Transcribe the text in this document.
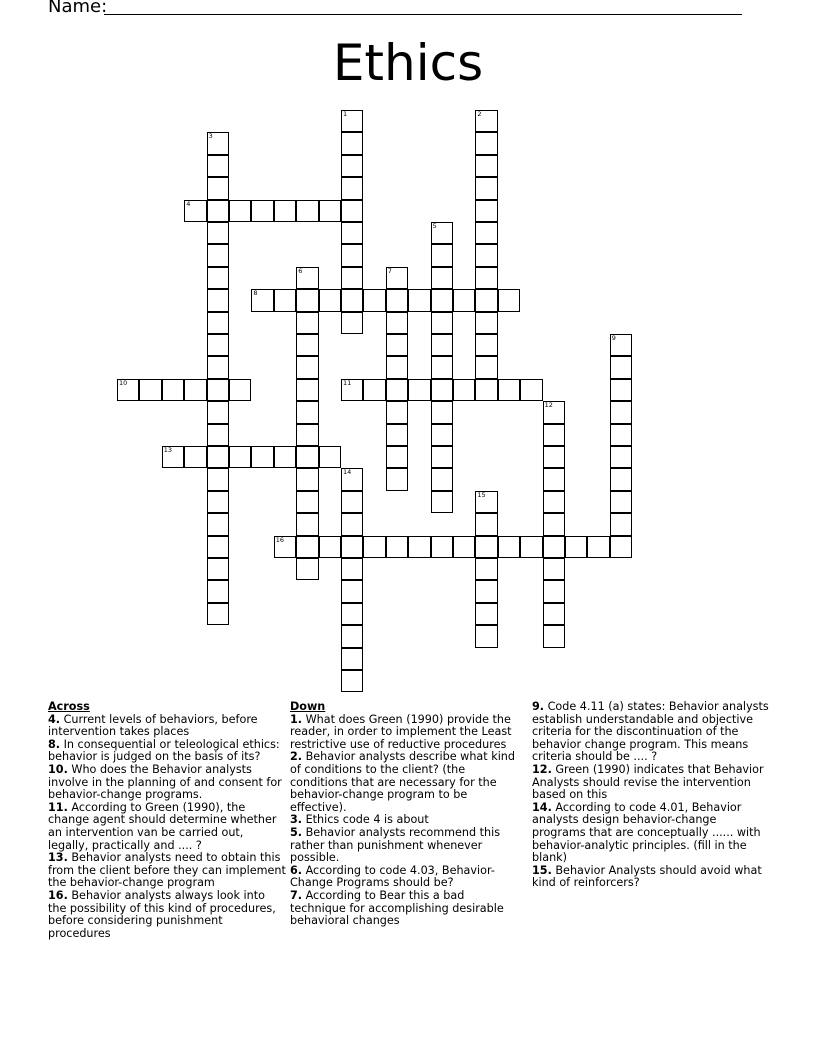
Name:
Ethics
1	2
3
4
5
6	7
8
9
10	11
12
13
14
15
16
Across
4. Current levels of behaviors, before intervention takes places
8. In consequential or teleological ethics: behavior is judged on the basis of its?
10. Who does the Behavior analysts involve in the planning of and consent for behavior-change programs.
11. According to Green (1990), the change agent should determine whether an intervention van be carried out, legally, practically and .... ?
13. Behavior analysts need to obtain this from the client before they can implement the behavior-change program
16. Behavior analysts always look into the possibility of this kind of procedures, before considering punishment procedures
Down
1. What does Green (1990) provide the reader, in order to implement the Least restrictive use of reductive procedures
2. Behavior analysts describe what kind of conditions to the client? (the conditions that are necessary for the behavior-change program to be effective).
3. Ethics code 4 is about
5. Behavior analysts recommend this rather than punishment whenever possible.
6. According to code 4.03, Behavior-Change Programs should be?
7. According to Bear this a bad technique for accomplishing desirable behavioral changes
9. Code 4.11 (a) states: Behavior analysts establish understandable and objective criteria for the discontinuation of the behavior change program. This means criteria should be .... ?
12. Green (1990) indicates that Behavior Analysts should revise the intervention based on this
14. According to code 4.01, Behavior analysts design behavior-change programs that are conceptually ...... with behavior-analytic principles. (fill in the blank)
15. Behavior Analysts should avoid what kind of reinforcers?
